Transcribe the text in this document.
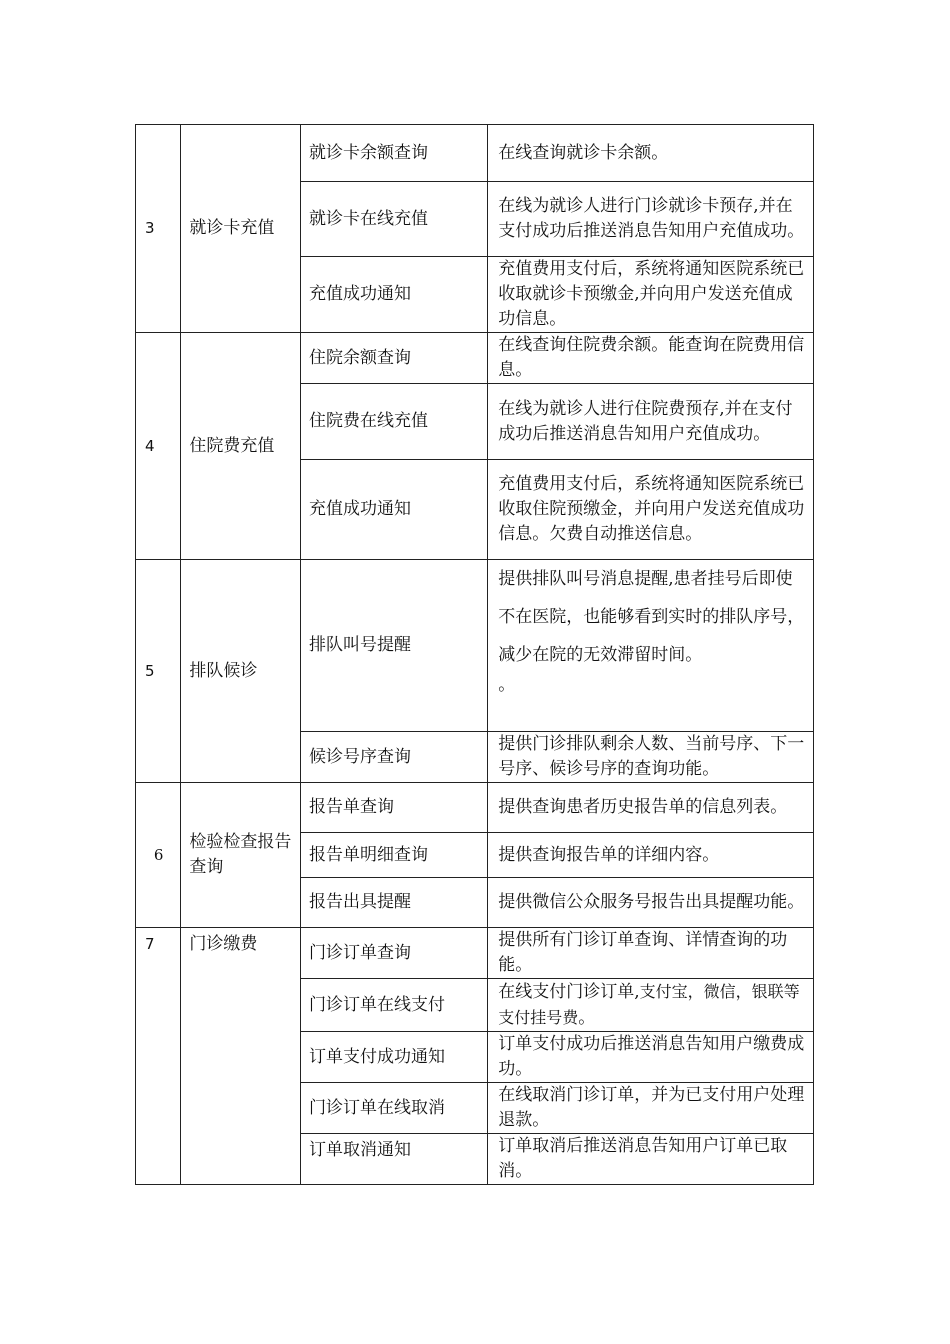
3	就诊卡充值	就诊卡余额查询	在线查询就诊卡余额。
		就诊卡在线充值	在线为就诊人进行门诊就诊卡预存,并在支付成功后推送消息告知用户充值成功。
		充值成功通知	充值费用支付后，系统将通知医院系统已收取就诊卡预缴金,并向用户发送充值成功信息。
4	住院费充值	住院余额查询	在线查询住院费余额。能查询在院费用信息。
		住院费在线充值	在线为就诊人进行住院费预存,并在支付成功后推送消息告知用户充值成功。
		充值成功通知	充值费用支付后，系统将通知医院系统已收取住院预缴金，并向用户发送充值成功信息。欠费自动推送信息。
5	排队候诊	排队叫号提醒	提供排队叫号消息提醒,患者挂号后即使不在医院，也能够看到实时的排队序号，减少在院的无效滞留时间。
。

		候诊号序查询	提供门诊排队剩余人数、当前号序、下一号序、候诊号序的查询功能。
6	检验检查报告查询	报告单查询	提供查询患者历史报告单的信息列表。
		报告单明细查询	提供查询报告单的详细内容。
		报告出具提醒	提供微信公众服务号报告出具提醒功能。
7	门诊缴费	门诊订单查询	提供所有门诊订单查询、详情查询的功能。
		门诊订单在线支付	在线支付门诊订单,支付宝，微信，银联等支付挂号费。
		订单支付成功通知	订单支付成功后推送消息告知用户缴费成功。
		门诊订单在线取消	在线取消门诊订单，并为已支付用户处理退款。
		订单取消通知	订单取消后推送消息告知用户订单已取消。
